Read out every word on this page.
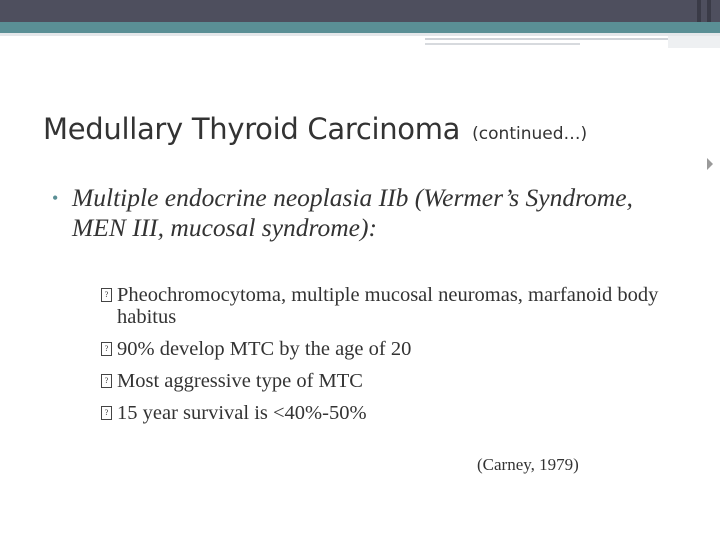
Medullary Thyroid Carcinoma (continued…)
• Multiple endocrine neoplasia IIb (Wermer’s Syndrome, MEN III, mucosal syndrome):
? Pheochromocytoma, multiple mucosal neuromas, marfanoid body habitus
? 90% develop MTC by the age of 20
? Most aggressive type of MTC
? 15 year survival is <40%-50%
(Carney, 1979)
